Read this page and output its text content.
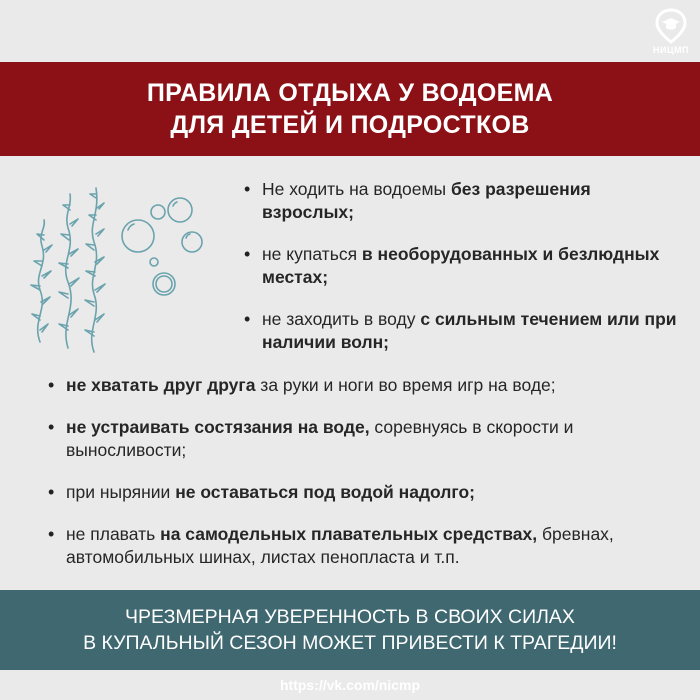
НИЦМП
ПРАВИЛА ОТДЫХА У ВОДОЕМА
ДЛЯ ДЕТЕЙ И ПОДРОСТКОВ
• Не ходить на водоемы без разрешения взрослых;
• не купаться в необорудованных и безлюдных местах;
• не заходить в воду с сильным течением или при наличии волн;
• не хватать друг друга за руки и ноги во время игр на воде;
• не устраивать состязания на воде, соревнуясь в скорости и выносливости;
• при нырянии не оставаться под водой надолго;
• не плавать на самодельных плавательных средствах, бревнах, автомобильных шинах, листах пенопласта и т.п.
ЧРЕЗМЕРНАЯ УВЕРЕННОСТЬ В СВОИХ СИЛАХ
В КУПАЛЬНЫЙ СЕЗОН МОЖЕТ ПРИВЕСТИ К ТРАГЕДИИ!
https://vk.com/nicmp
